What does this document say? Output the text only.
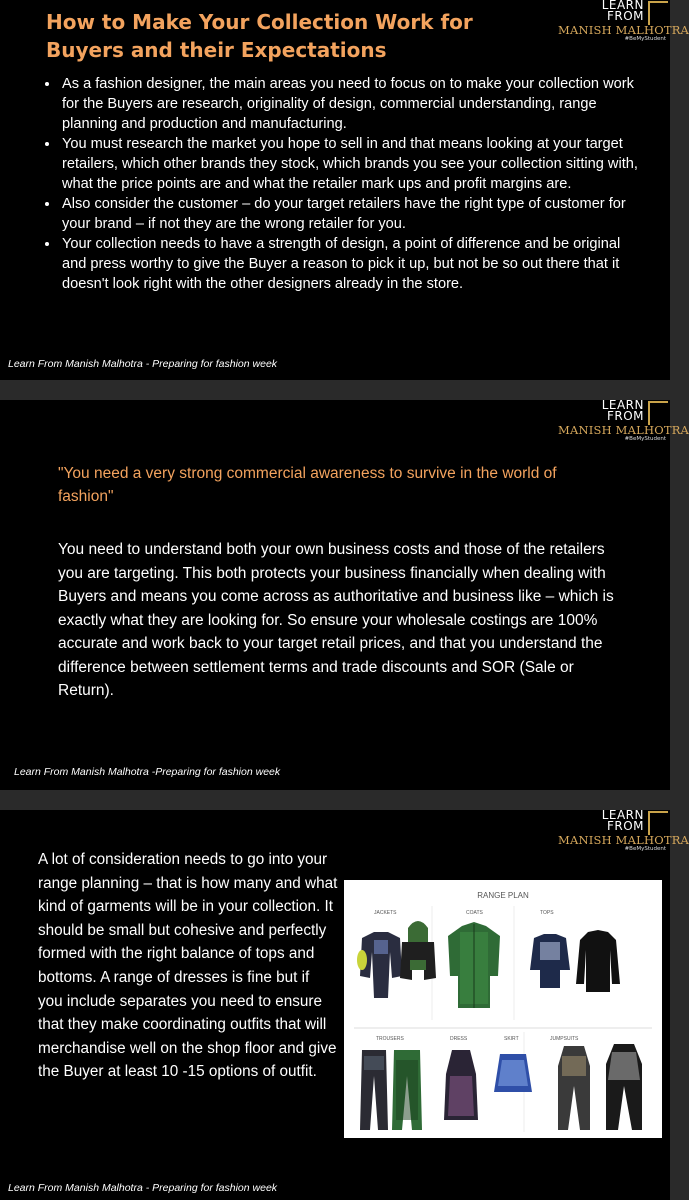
LEARN
FROM
MANISH MALHOTRA
#BeMyStudent
How to Make Your Collection Work for Buyers and their Expectations
• As a fashion designer, the main areas you need to focus on to make your collection work for the Buyers are research, originality of design, commercial understanding, range planning and production and manufacturing.
• You must research the market you hope to sell in and that means looking at your target retailers, which other brands they stock, which brands you see your collection sitting with, what the price points are and what the retailer mark ups and profit margins are.
• Also consider the customer – do your target retailers have the right type of customer for your brand – if not they are the wrong retailer for you.
• Your collection needs to have a strength of design, a point of difference and be original and press worthy to give the Buyer a reason to pick it up, but not be so out there that it doesn't look right with the other designers already in the store.
Learn From Manish Malhotra - Preparing for fashion week
LEARN
FROM
MANISH MALHOTRA
#BeMyStudent
"You need a very strong commercial awareness to survive in the world of fashion"
You need to understand both your own business costs and those of the retailers you are targeting. This both protects your business financially when dealing with Buyers and means you come across as authoritative and business like – which is exactly what they are looking for. So ensure your wholesale costings are 100% accurate and work back to your target retail prices, and that you understand the difference between settlement terms and trade discounts and SOR (Sale or Return).
Learn From Manish Malhotra -Preparing for fashion week
LEARN
FROM
MANISH MALHOTRA
#BeMyStudent
A lot of consideration needs to go into your range planning – that is how many and what kind of garments will be in your collection. It should be small but cohesive and perfectly formed with the right balance of tops and bottoms. A range of dresses is fine but if you include separates you need to ensure that they make coordinating outfits that will merchandise well on the shop floor and give the Buyer at least 10 -15 options of outfit.
RANGE PLAN
JACKETS	COATS	TOPS
TROUSERS	DRESS	SKIRT	JUMPSUITS
Learn From Manish Malhotra - Preparing for fashion week
